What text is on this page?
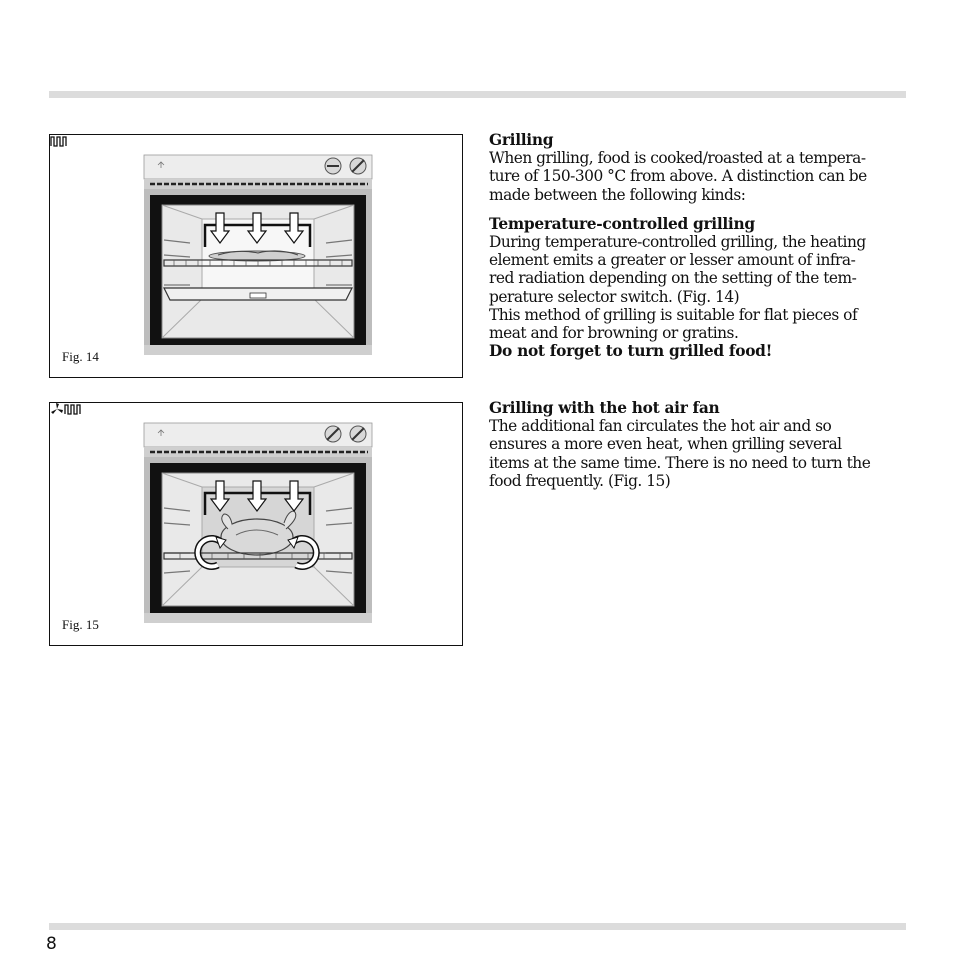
Fig. 14
Fig. 15

Grilling

When grilling, food is cooked/roasted at a tempera-

ture of 150-300 °C from above. A distinction can be

made between the following kinds:

Temperature-controlled grilling

During temperature-controlled grilling, the heating

element emits a greater or lesser amount of infra-

red radiation depending on the setting of the tem-

perature selector switch. (Fig. 14)

This method of grilling is suitable for flat pieces of

meat and for browning or gratins.

Do not forget to turn grilled food!

Grilling with the hot air fan

The additional fan circulates the hot air and so

ensures a more even heat, when grilling several

items at the same time. There is no need to turn the

food frequently. (Fig. 15)

8
